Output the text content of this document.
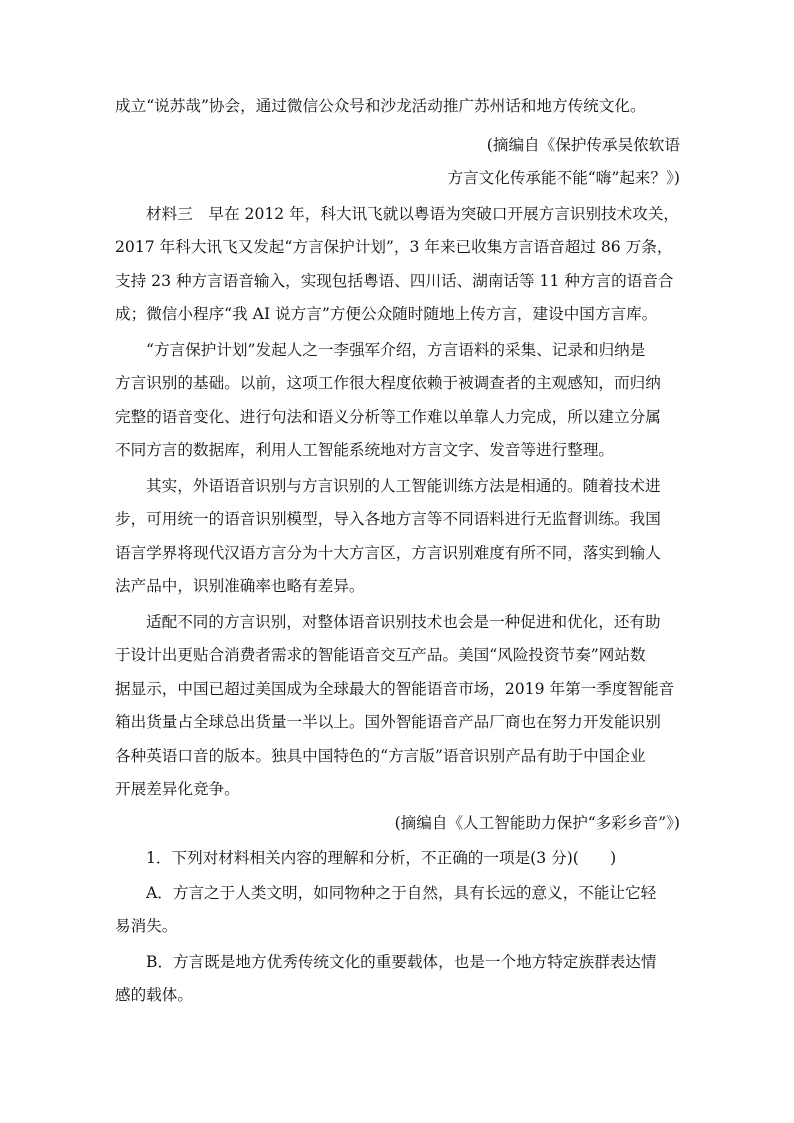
成立“说苏哉”协会，通过微信公众号和沙龙活动推广苏州话和地方传统文化。
(摘编自《保护传承吴侬软语
方言文化传承能不能“嗨”起来？》)
材料三　早在 2012 年，科大讯飞就以粤语为突破口开展方言识别技术攻关，
2017 年科大讯飞又发起“方言保护计划”，3 年来已收集方言语音超过 86 万条，
支持 23 种方言语音输入，实现包括粤语、四川话、湖南话等 11 种方言的语音合
成；微信小程序“我 AI 说方言”方便公众随时随地上传方言，建设中国方言库。
“方言保护计划”发起人之一李强军介绍，方言语料的采集、记录和归纳是
方言识别的基础。以前，这项工作很大程度依赖于被调查者的主观感知，而归纳
完整的语音变化、进行句法和语义分析等工作难以单靠人力完成，所以建立分属
不同方言的数据库，利用人工智能系统地对方言文字、发音等进行整理。
其实，外语语音识别与方言识别的人工智能训练方法是相通的。随着技术进
步，可用统一的语音识别模型，导入各地方言等不同语料进行无监督训练。我国
语言学界将现代汉语方言分为十大方言区，方言识别难度有所不同，落实到输人
法产品中，识别准确率也略有差异。
适配不同的方言识别，对整体语音识别技术也会是一种促进和优化，还有助
于设计出更贴合消费者需求的智能语音交互产品。美国“风险投资节奏”网站数
据显示，中国已超过美国成为全球最大的智能语音市场，2019 年第一季度智能音
箱出货量占全球总出货量一半以上。国外智能语音产品厂商也在努力开发能识别
各种英语口音的版本。独具中国特色的“方言版”语音识别产品有助于中国企业
开展差异化竞争。
(摘编自《人工智能助力保护“多彩乡音”》)
1．下列对材料相关内容的理解和分析，不正确的一项是(3 分)(　　)
A．方言之于人类文明，如同物种之于自然，具有长远的意义，不能让它轻
易消失。
B．方言既是地方优秀传统文化的重要载体，也是一个地方特定族群表达情
感的载体。
